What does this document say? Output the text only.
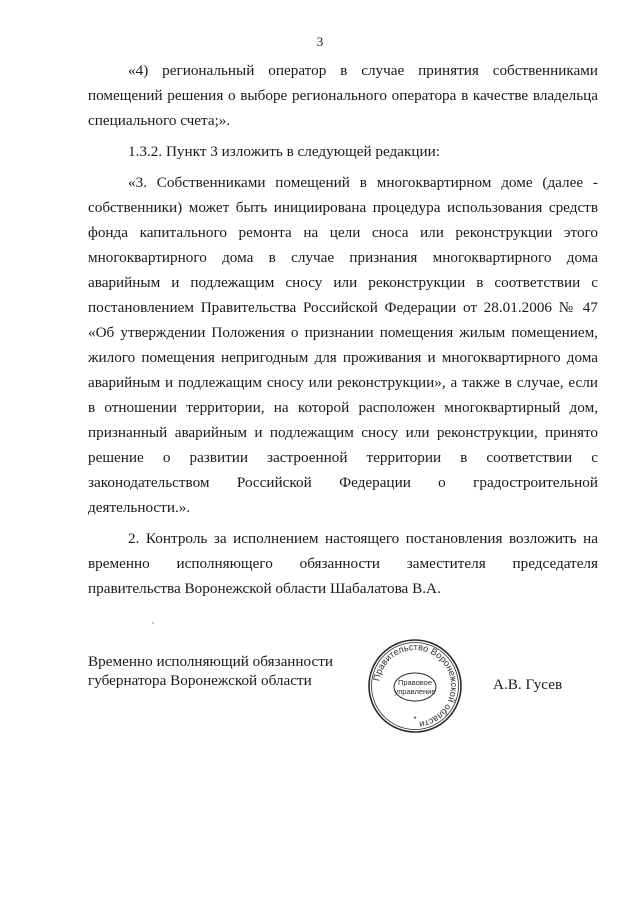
3

«4) региональный оператор в случае принятия собственниками помещений решения о выборе регионального оператора в качестве владельца специального счета;».

1.3.2. Пункт 3 изложить в следующей редакции:

«3. Собственниками помещений в многоквартирном доме (далее - собственники) может быть инициирована процедура использования средств фонда капитального ремонта на цели сноса или реконструкции этого многоквартирного дома в случае признания многоквартирного дома аварийным и подлежащим сносу или реконструкции в соответствии с постановлением Правительства Российской Федерации от 28.01.2006 № 47 «Об утверждении Положения о признании помещения жилым помещением, жилого помещения непригодным для проживания и многоквартирного дома аварийным и подлежащим сносу или реконструкции», а также в случае, если в отношении территории, на которой расположен многоквартирный дом, признанный аварийным и подлежащим сносу или реконструкции, принято решение о развитии застроенной территории в соответствии с законодательством Российской Федерации о градостроительной деятельности.».

2. Контроль за исполнением настоящего постановления возложить на временно исполняющего обязанности заместителя председателя правительства Воронежской области Шабалатова В.А.

Временно исполняющий обязанности
губернатора Воронежской области	Правительство Воронежской области
Правовое
управление
*
А.В. Гусев
